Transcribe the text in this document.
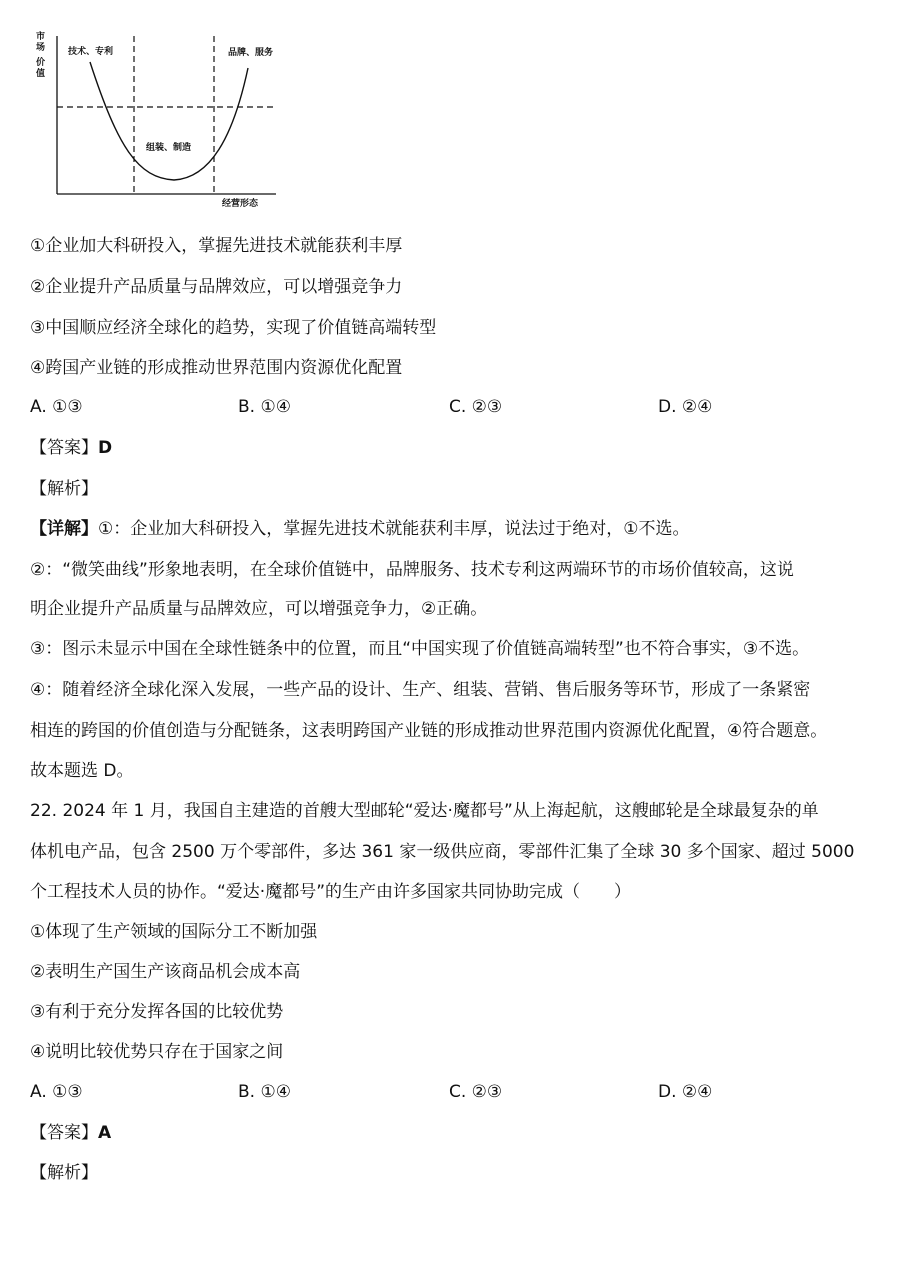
市
场
价
值
技术、专利	品牌、服务
组装、制造
经营形态
①企业加大科研投入，掌握先进技术就能获利丰厚
②企业提升产品质量与品牌效应，可以增强竞争力
③中国顺应经济全球化的趋势，实现了价值链高端转型
④跨国产业链的形成推动世界范围内资源优化配置
A. ①③	B. ①④	C. ②③	D. ②④
【答案】D
【解析】
【详解】①：企业加大科研投入，掌握先进技术就能获利丰厚，说法过于绝对，①不选。
②：“微笑曲线”形象地表明，在全球价值链中，品牌服务、技术专利这两端环节的市场价值较高，这说
明企业提升产品质量与品牌效应，可以增强竞争力，②正确。
③：图示未显示中国在全球性链条中的位置，而且“中国实现了价值链高端转型”也不符合事实，③不选。
④：随着经济全球化深入发展，一些产品的设计、生产、组装、营销、售后服务等环节，形成了一条紧密
相连的跨国的价值创造与分配链条，这表明跨国产业链的形成推动世界范围内资源优化配置，④符合题意。
故本题选 D。
22. 2024 年 1 月，我国自主建造的首艘大型邮轮“爱达·魔都号”从上海起航，这艘邮轮是全球最复杂的单
体机电产品，包含 2500 万个零部件，多达 361 家一级供应商，零部件汇集了全球 30 多个国家、超过 5000
个工程技术人员的协作。“爱达·魔都号”的生产由许多国家共同协助完成（　　）
①体现了生产领域的国际分工不断加强
②表明生产国生产该商品机会成本高
③有利于充分发挥各国的比较优势
④说明比较优势只存在于国家之间
A. ①③	B. ①④	C. ②③	D. ②④
【答案】A
【解析】
